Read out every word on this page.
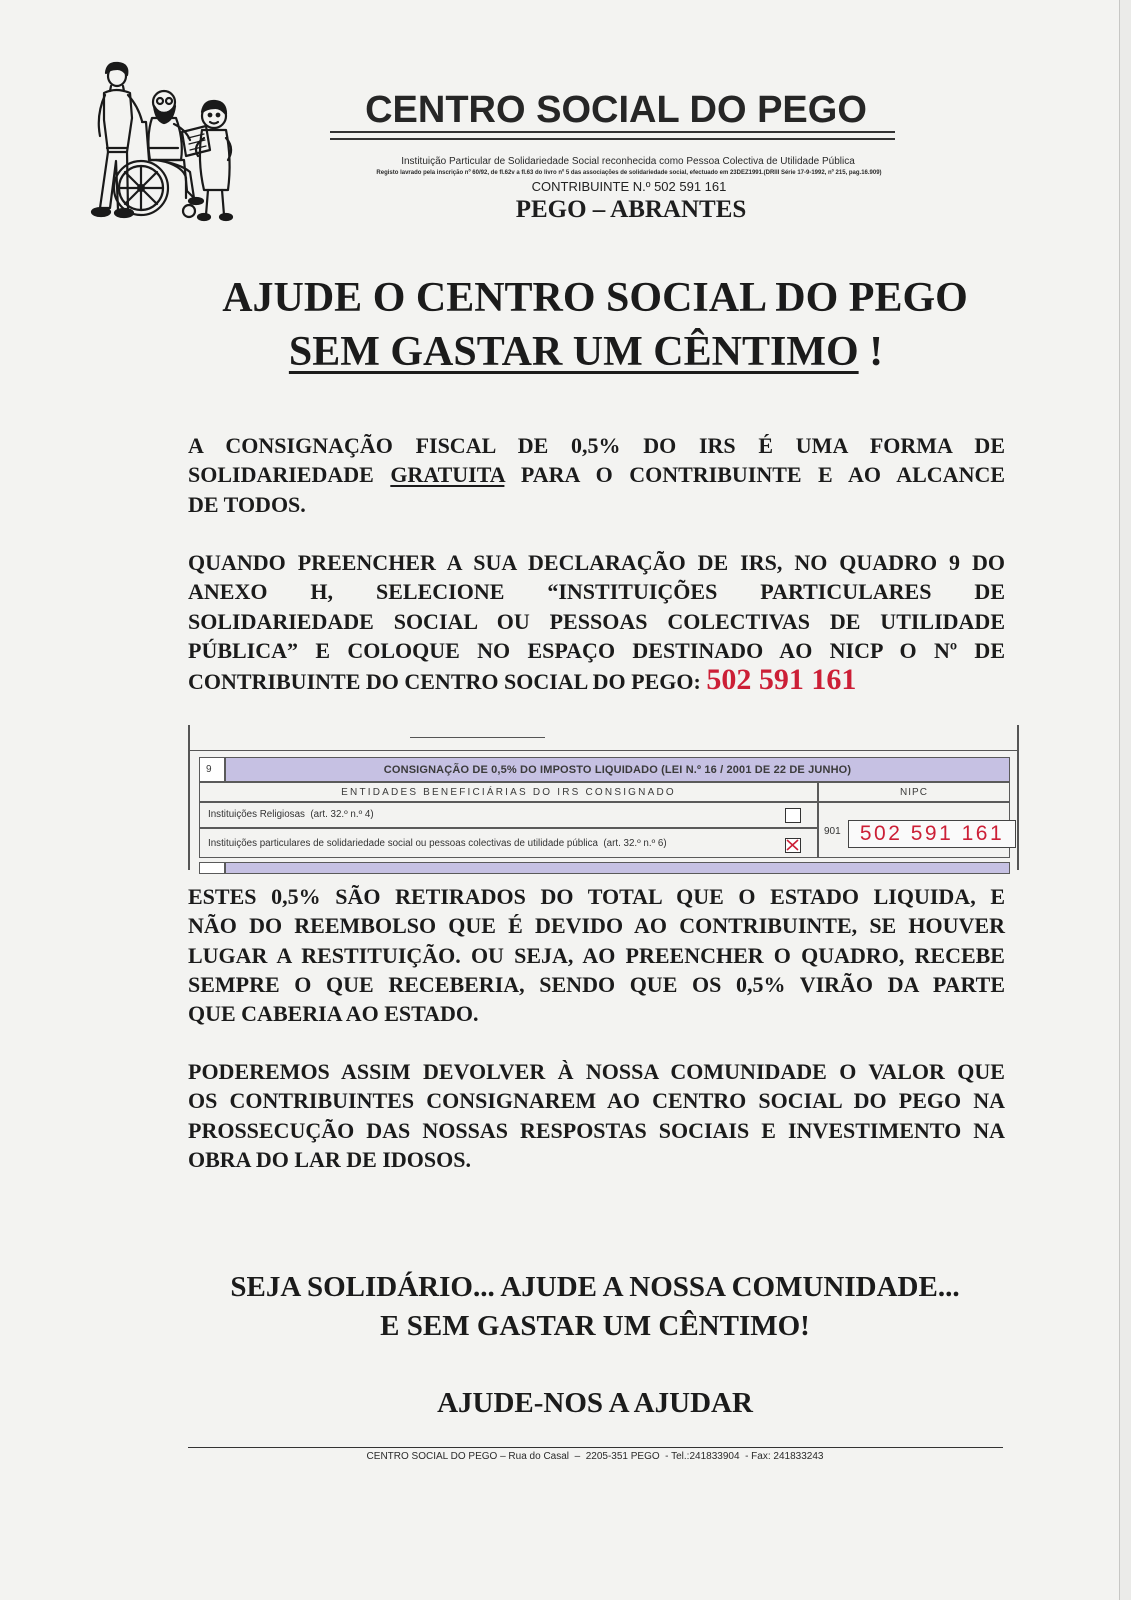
CENTRO SOCIAL DO PEGO
Instituição Particular de Solidariedade Social reconhecida como Pessoa Colectiva de Utilidade Pública
Registo lavrado pela inscrição nº 60/92, de fl.62v a fl.63 do livro nº 5 das associações de solidariedade social, efectuado em 23DEZ1991.(DRIII Série 17-9-1992, nº 215, pag.16.909)
CONTRIBUINTE N.º 502 591 161
PEGO – ABRANTES
AJUDE O CENTRO SOCIAL DO PEGO
SEM GASTAR UM CÊNTIMO !
A CONSIGNAÇÃO FISCAL DE 0,5% DO IRS É UMA FORMA DE
SOLIDARIEDADE GRATUITA PARA O CONTRIBUINTE E AO ALCANCE
DE TODOS.
QUANDO PREENCHER A SUA DECLARAÇÃO DE IRS, NO QUADRO 9 DO
ANEXO H, SELECIONE “INSTITUIÇÕES PARTICULARES DE
SOLIDARIEDADE SOCIAL OU PESSOAS COLECTIVAS DE UTILIDADE
PÚBLICA” E COLOQUE NO ESPAÇO DESTINADO AO NICP O Nº DE
CONTRIBUINTE DO CENTRO SOCIAL DO PEGO: 502 591 161
9	CONSIGNAÇÃO DE 0,5% DO IMPOSTO LIQUIDADO (LEI N.º 16 / 2001 DE 22 DE JUNHO)
ENTIDADES BENEFICIÁRIAS DO IRS CONSIGNADO	NIPC
Instituições Religiosas  (art. 32.º n.º 4)
Instituições particulares de solidariedade social ou pessoas colectivas de utilidade pública  (art. 32.º n.º 6)
901 502 591 161
ESTES 0,5% SÃO RETIRADOS DO TOTAL QUE O ESTADO LIQUIDA, E
NÃO DO REEMBOLSO QUE É DEVIDO AO CONTRIBUINTE, SE HOUVER
LUGAR A RESTITUIÇÃO. OU SEJA, AO PREENCHER O QUADRO, RECEBE
SEMPRE O QUE RECEBERIA, SENDO QUE OS 0,5% VIRÃO DA PARTE
QUE CABERIA AO ESTADO.
PODEREMOS ASSIM DEVOLVER À NOSSA COMUNIDADE O VALOR QUE
OS CONTRIBUINTES CONSIGNAREM AO CENTRO SOCIAL DO PEGO NA
PROSSECUÇÃO DAS NOSSAS RESPOSTAS SOCIAIS E INVESTIMENTO NA
OBRA DO LAR DE IDOSOS.
SEJA SOLIDÁRIO... AJUDE A NOSSA COMUNIDADE...
E SEM GASTAR UM CÊNTIMO!
AJUDE-NOS A AJUDAR
CENTRO SOCIAL DO PEGO – Rua do Casal  –  2205-351 PEGO  - Tel.:241833904  - Fax: 241833243
